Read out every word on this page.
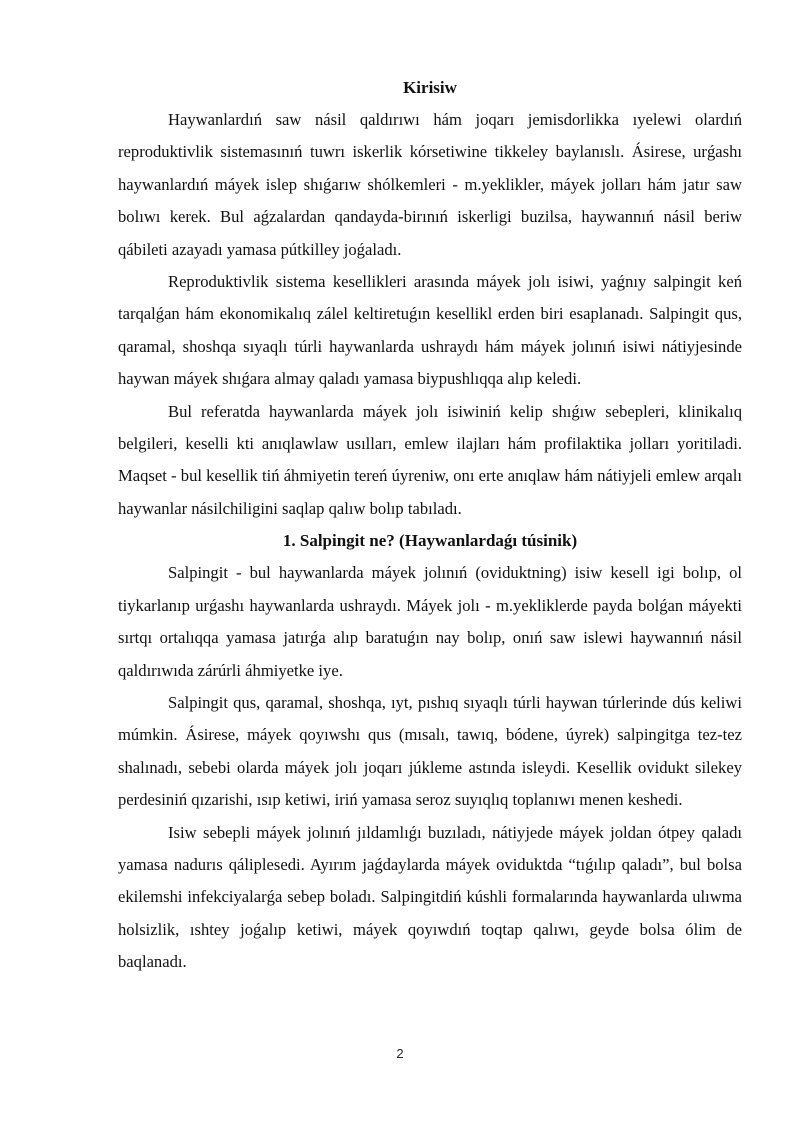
Kirisiw

Haywanlardıń saw násil qaldırıwı hám joqarı jemisdorlikka ıyelewi olardıń reproduktivlik sistemasınıń tuwrı iskerlik kórsetiwine tikkeley baylanıslı. Ásirese, urǵashı haywanlardıń máyek islep shıǵarıw shólkemleri - m.yeklikler, máyek jolları hám jatır saw bolıwı kerek. Bul aǵzalardan qandayda-birınıń iskerligi buzilsa, haywannıń násil beriw qábileti azayadı yamasa pútkilley joǵaladı.

Reproduktivlik sistema kesellikleri arasında máyek jolı isiwi, yaǵnıy salpingit keń tarqalǵan hám ekonomikalıq zálel keltiretuǵın kesellikl erden biri esaplanadı. Salpingit qus, qaramal, shoshqa sıyaqlı túrli haywanlarda ushraydı hám máyek jolınıń isiwi nátiyjesinde haywan máyek shıǵara almay qaladı yamasa biypushlıqqa alıp keledi.

Bul referatda haywanlarda máyek jolı isiwiniń kelip shıǵıw sebepleri, klinikalıq belgileri, keselli kti anıqlawlaw usılları, emlew ilajları hám profilaktika jolları yoritiladi. Maqset - bul kesellik tiń áhmiyetin tereń úyreniw, onı erte anıqlaw hám nátiyjeli emlew arqalı haywanlar násilchiligini saqlap qalıw bolıp tabıladı.

1. Salpingit ne? (Haywanlardaǵı túsinik)

Salpingit - bul haywanlarda máyek jolınıń (oviduktning) isiw kesell igi bolıp, ol tiykarlanıp urǵashı haywanlarda ushraydı. Máyek jolı - m.yekliklerde payda bolǵan máyekti sırtqı ortalıqqa yamasa jatırǵa alıp baratuǵın nay bolıp, onıń saw islewi haywannıń násil qaldırıwıda zárúrli áhmiyetke iye.

Salpingit qus, qaramal, shoshqa, ıyt, pıshıq sıyaqlı túrli haywan túrlerinde dús keliwi múmkin. Ásirese, máyek qoyıwshı qus (mısalı, tawıq, bódene, úyrek) salpingitga tez-tez shalınadı, sebebi olarda máyek jolı joqarı júkleme astında isleydi. Kesellik ovidukt silekey perdesiniń qızarishi, ısıp ketiwi, iriń yamasa seroz suyıqlıq toplanıwı menen keshedi.

Isiw sebepli máyek jolınıń jıldamlıǵı buzıladı, nátiyjede máyek joldan ótpey qaladı yamasa nadurıs qáliplesedi. Ayırım jaǵdaylarda máyek oviduktda “tıǵılıp qaladı”, bul bolsa ekilemshi infekciyalarǵa sebep boladı. Salpingitdiń kúshli formalarında haywanlarda ulıwma holsizlik, ıshtey joǵalıp ketiwi, máyek qoyıwdıń toqtap qalıwı, geyde bolsa ólim de baqlanadı.

2
